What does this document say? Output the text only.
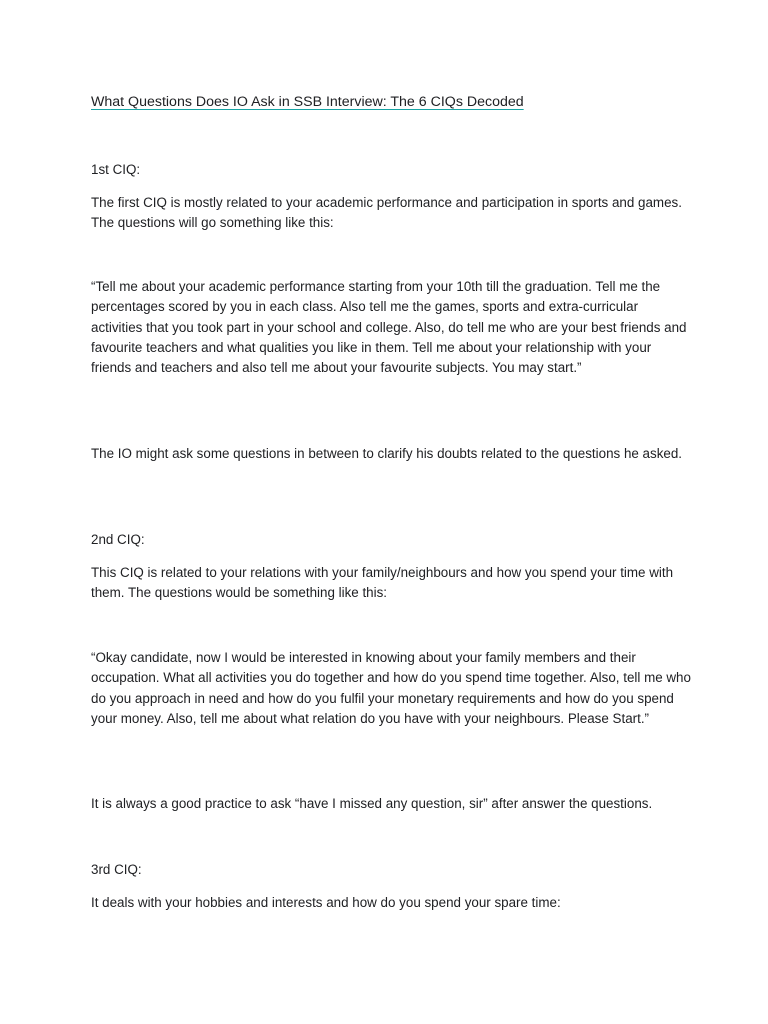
What Questions Does IO Ask in SSB Interview: The 6 CIQs Decoded

1st CIQ:

The first CIQ is mostly related to your academic performance and participation in sports and games. The questions will go something like this:

“Tell me about your academic performance starting from your 10th till the graduation. Tell me the percentages scored by you in each class. Also tell me the games, sports and extra-curricular activities that you took part in your school and college. Also, do tell me who are your best friends and favourite teachers and what qualities you like in them. Tell me about your relationship with your friends and teachers and also tell me about your favourite subjects. You may start.”

The IO might ask some questions in between to clarify his doubts related to the questions he asked.

2nd CIQ:

This CIQ is related to your relations with your family/neighbours and how you spend your time with them. The questions would be something like this:

“Okay candidate, now I would be interested in knowing about your family members and their occupation. What all activities you do together and how do you spend time together. Also, tell me who do you approach in need and how do you fulfil your monetary requirements and how do you spend your money. Also, tell me about what relation do you have with your neighbours. Please Start.”

It is always a good practice to ask “have I missed any question, sir” after answer the questions.

3rd CIQ:

It deals with your hobbies and interests and how do you spend your spare time:
